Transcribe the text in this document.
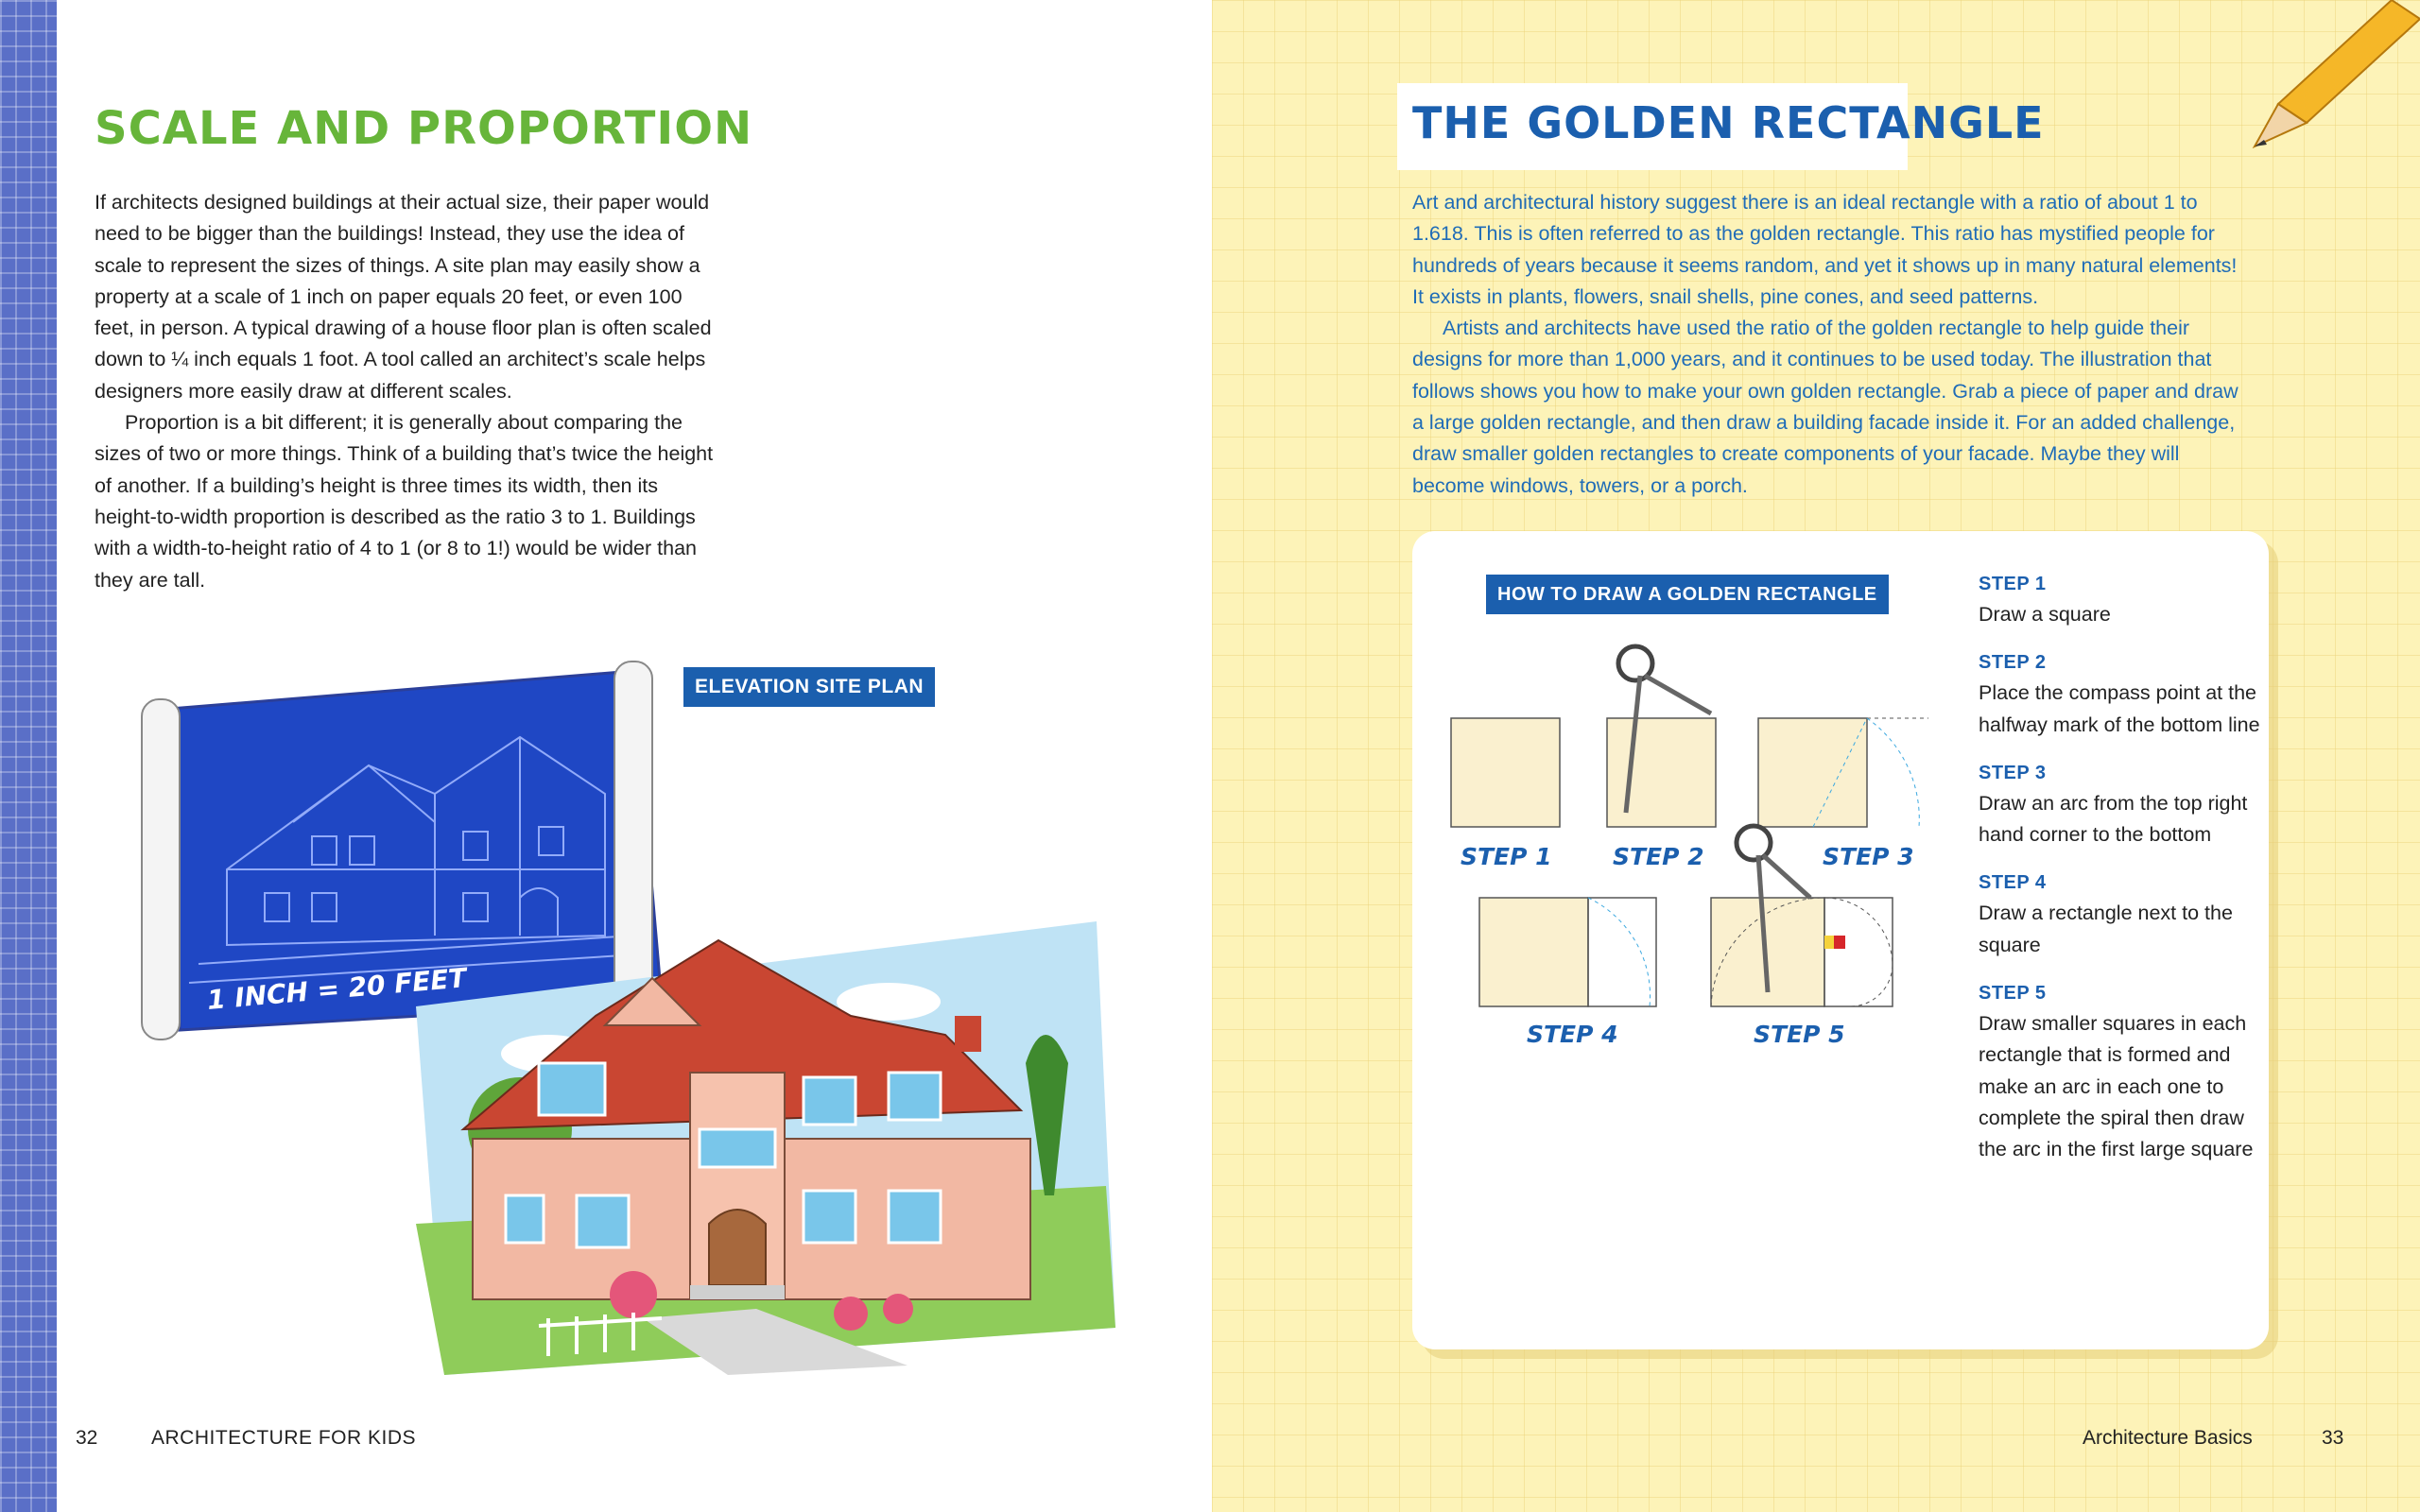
SCALE AND PROPORTION

If architects designed buildings at their actual size, their paper would need to be bigger than the buildings! Instead, they use the idea of scale to represent the sizes of things. A site plan may easily show a property at a scale of 1 inch on paper equals 20 feet, or even 100 feet, in person. A typical drawing of a house floor plan is often scaled down to ¼ inch equals 1 foot. A tool called an architect’s scale helps designers more easily draw at different scales.

Proportion is a bit different; it is generally about comparing the sizes of two or more things. Think of a building that’s twice the height of another. If a building’s height is three times its width, then its height-to-width proportion is described as the ratio 3 to 1. Buildings with a width-to-height ratio of 4 to 1 (or 8 to 1!) would be wider than they are tall.

ELEVATION SITE PLAN
1 INCH = 20 FEET
32	ARCHITECTURE FOR KIDS
THE GOLDEN RECTANGLE

Art and architectural history suggest there is an ideal rectangle with a ratio of about 1 to 1.618. This is often referred to as the golden rectangle. This ratio has mystified people for hundreds of years because it seems random, and yet it shows up in many natural elements! It exists in plants, flowers, snail shells, pine cones, and seed patterns.

Artists and architects have used the ratio of the golden rectangle to help guide their designs for more than 1,000 years, and it continues to be used today. The illustration that follows shows you how to make your own golden rectangle. Grab a piece of paper and draw a large golden rectangle, and then draw a building facade inside it. For an added challenge, draw smaller golden rectangles to create components of your facade. Maybe they will become windows, towers, or a porch.

HOW TO DRAW A GOLDEN RECTANGLE
STEP 1	STEP 2	STEP 3
STEP 4	STEP 5
STEP 1
Draw a square
STEP 2
Place the compass point at the halfway mark of the bottom line
STEP 3
Draw an arc from the top right hand corner to the bottom
STEP 4
Draw a rectangle next to the square
STEP 5
Draw smaller squares in each rectangle that is formed and make an arc in each one to complete the spiral then draw the arc in the first large square
Architecture Basics	33
